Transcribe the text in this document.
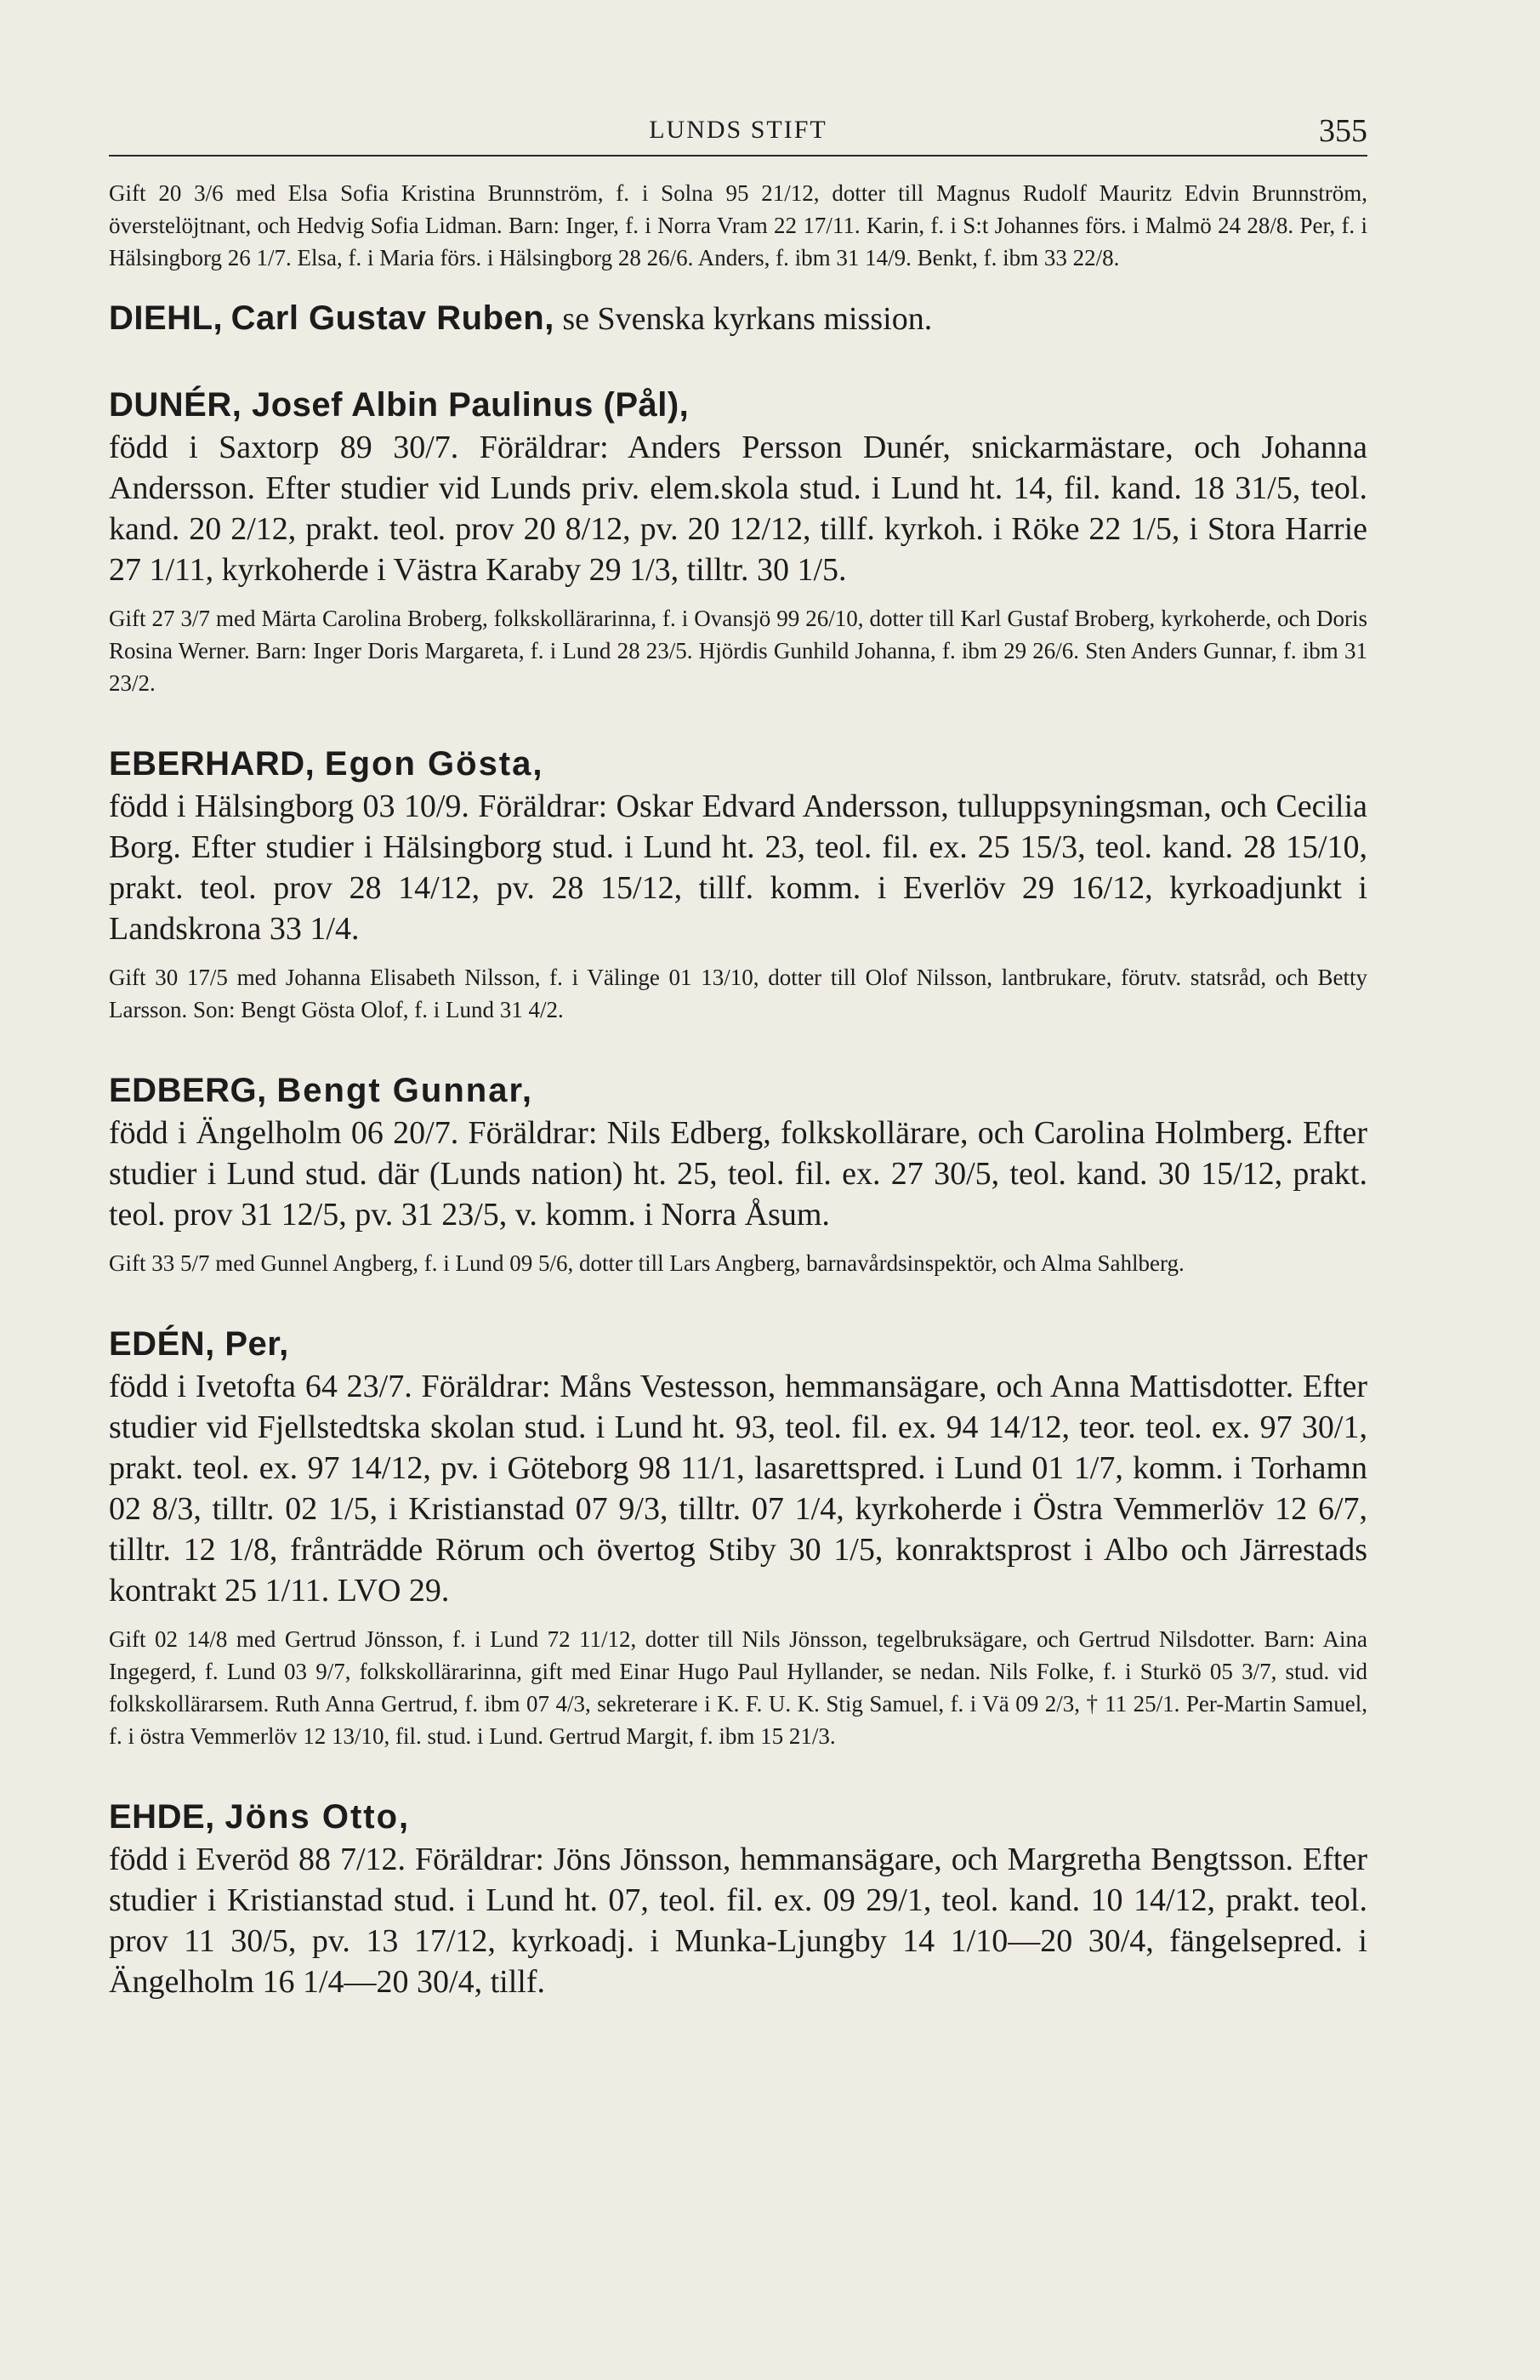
LUNDS STIFT	355

Gift 20 3/6 med Elsa Sofia Kristina Brunnström, f. i Solna 95 21/12, dotter till Magnus Rudolf Mauritz Edvin Brunnström, överstelöjtnant, och Hedvig Sofia Lidman. Barn: Inger, f. i Norra Vram 22 17/11. Karin, f. i S:t Johannes förs. i Malmö 24 28/8. Per, f. i Hälsingborg 26 1/7. Elsa, f. i Maria förs. i Hälsingborg 28 26/6. Anders, f. ibm 31 14/9. Benkt, f. ibm 33 22/8.

DIEHL, Carl Gustav Ruben, se Svenska kyrkans mission.

DUNÉR, Josef Albin Paulinus (Pål),

född i Saxtorp 89 30/7. Föräldrar: Anders Persson Dunér, snickarmästare, och Johanna Andersson. Efter studier vid Lunds priv. elem.skola stud. i Lund ht. 14, fil. kand. 18 31/5, teol. kand. 20 2/12, prakt. teol. prov 20 8/12, pv. 20 12/12, tillf. kyrkoh. i Röke 22 1/5, i Stora Harrie 27 1/11, kyrkoherde i Västra Karaby 29 1/3, tilltr. 30 1/5.

Gift 27 3/7 med Märta Carolina Broberg, folkskollärarinna, f. i Ovansjö 99 26/10, dotter till Karl Gustaf Broberg, kyrkoherde, och Doris Rosina Werner. Barn: Inger Doris Margareta, f. i Lund 28 23/5. Hjördis Gunhild Johanna, f. ibm 29 26/6. Sten Anders Gunnar, f. ibm 31 23/2.

EBERHARD, Egon Gösta,

född i Hälsingborg 03 10/9. Föräldrar: Oskar Edvard Andersson, tulluppsyningsman, och Cecilia Borg. Efter studier i Hälsingborg stud. i Lund ht. 23, teol. fil. ex. 25 15/3, teol. kand. 28 15/10, prakt. teol. prov 28 14/12, pv. 28 15/12, tillf. komm. i Everlöv 29 16/12, kyrkoadjunkt i Landskrona 33 1/4.

Gift 30 17/5 med Johanna Elisabeth Nilsson, f. i Välinge 01 13/10, dotter till Olof Nilsson, lantbrukare, förutv. statsråd, och Betty Larsson. Son: Bengt Gösta Olof, f. i Lund 31 4/2.

EDBERG, Bengt Gunnar,

född i Ängelholm 06 20/7. Föräldrar: Nils Edberg, folkskollärare, och Carolina Holmberg. Efter studier i Lund stud. där (Lunds nation) ht. 25, teol. fil. ex. 27 30/5, teol. kand. 30 15/12, prakt. teol. prov 31 12/5, pv. 31 23/5, v. komm. i Norra Åsum.

Gift 33 5/7 med Gunnel Angberg, f. i Lund 09 5/6, dotter till Lars Angberg, barnavårdsinspektör, och Alma Sahlberg.

EDÉN, Per,

född i Ivetofta 64 23/7. Föräldrar: Måns Vestesson, hemmansägare, och Anna Mattisdotter. Efter studier vid Fjellstedtska skolan stud. i Lund ht. 93, teol. fil. ex. 94 14/12, teor. teol. ex. 97 30/1, prakt. teol. ex. 97 14/12, pv. i Göteborg 98 11/1, lasarettspred. i Lund 01 1/7, komm. i Torhamn 02 8/3, tilltr. 02 1/5, i Kristianstad 07 9/3, tilltr. 07 1/4, kyrkoherde i Östra Vemmerlöv 12 6/7, tilltr. 12 1/8, frånträdde Rörum och övertog Stiby 30 1/5, konraktsprost i Albo och Järrestads kontrakt 25 1/11. LVO 29.

Gift 02 14/8 med Gertrud Jönsson, f. i Lund 72 11/12, dotter till Nils Jönsson, tegelbruksägare, och Gertrud Nilsdotter. Barn: Aina Ingegerd, f. Lund 03 9/7, folkskollärarinna, gift med Einar Hugo Paul Hyllander, se nedan. Nils Folke, f. i Sturkö 05 3/7, stud. vid folkskollärarsem. Ruth Anna Gertrud, f. ibm 07 4/3, sekreterare i K. F. U. K. Stig Samuel, f. i Vä 09 2/3, † 11 25/1. Per-Martin Samuel, f. i östra Vemmerlöv 12 13/10, fil. stud. i Lund. Gertrud Margit, f. ibm 15 21/3.

EHDE, Jöns Otto,

född i Everöd 88 7/12. Föräldrar: Jöns Jönsson, hemmansägare, och Margretha Bengtsson. Efter studier i Kristianstad stud. i Lund ht. 07, teol. fil. ex. 09 29/1, teol. kand. 10 14/12, prakt. teol. prov 11 30/5, pv. 13 17/12, kyrkoadj. i Munka-Ljungby 14 1/10—20 30/4, fängelsepred. i Ängelholm 16 1/4—20 30/4, tillf.
